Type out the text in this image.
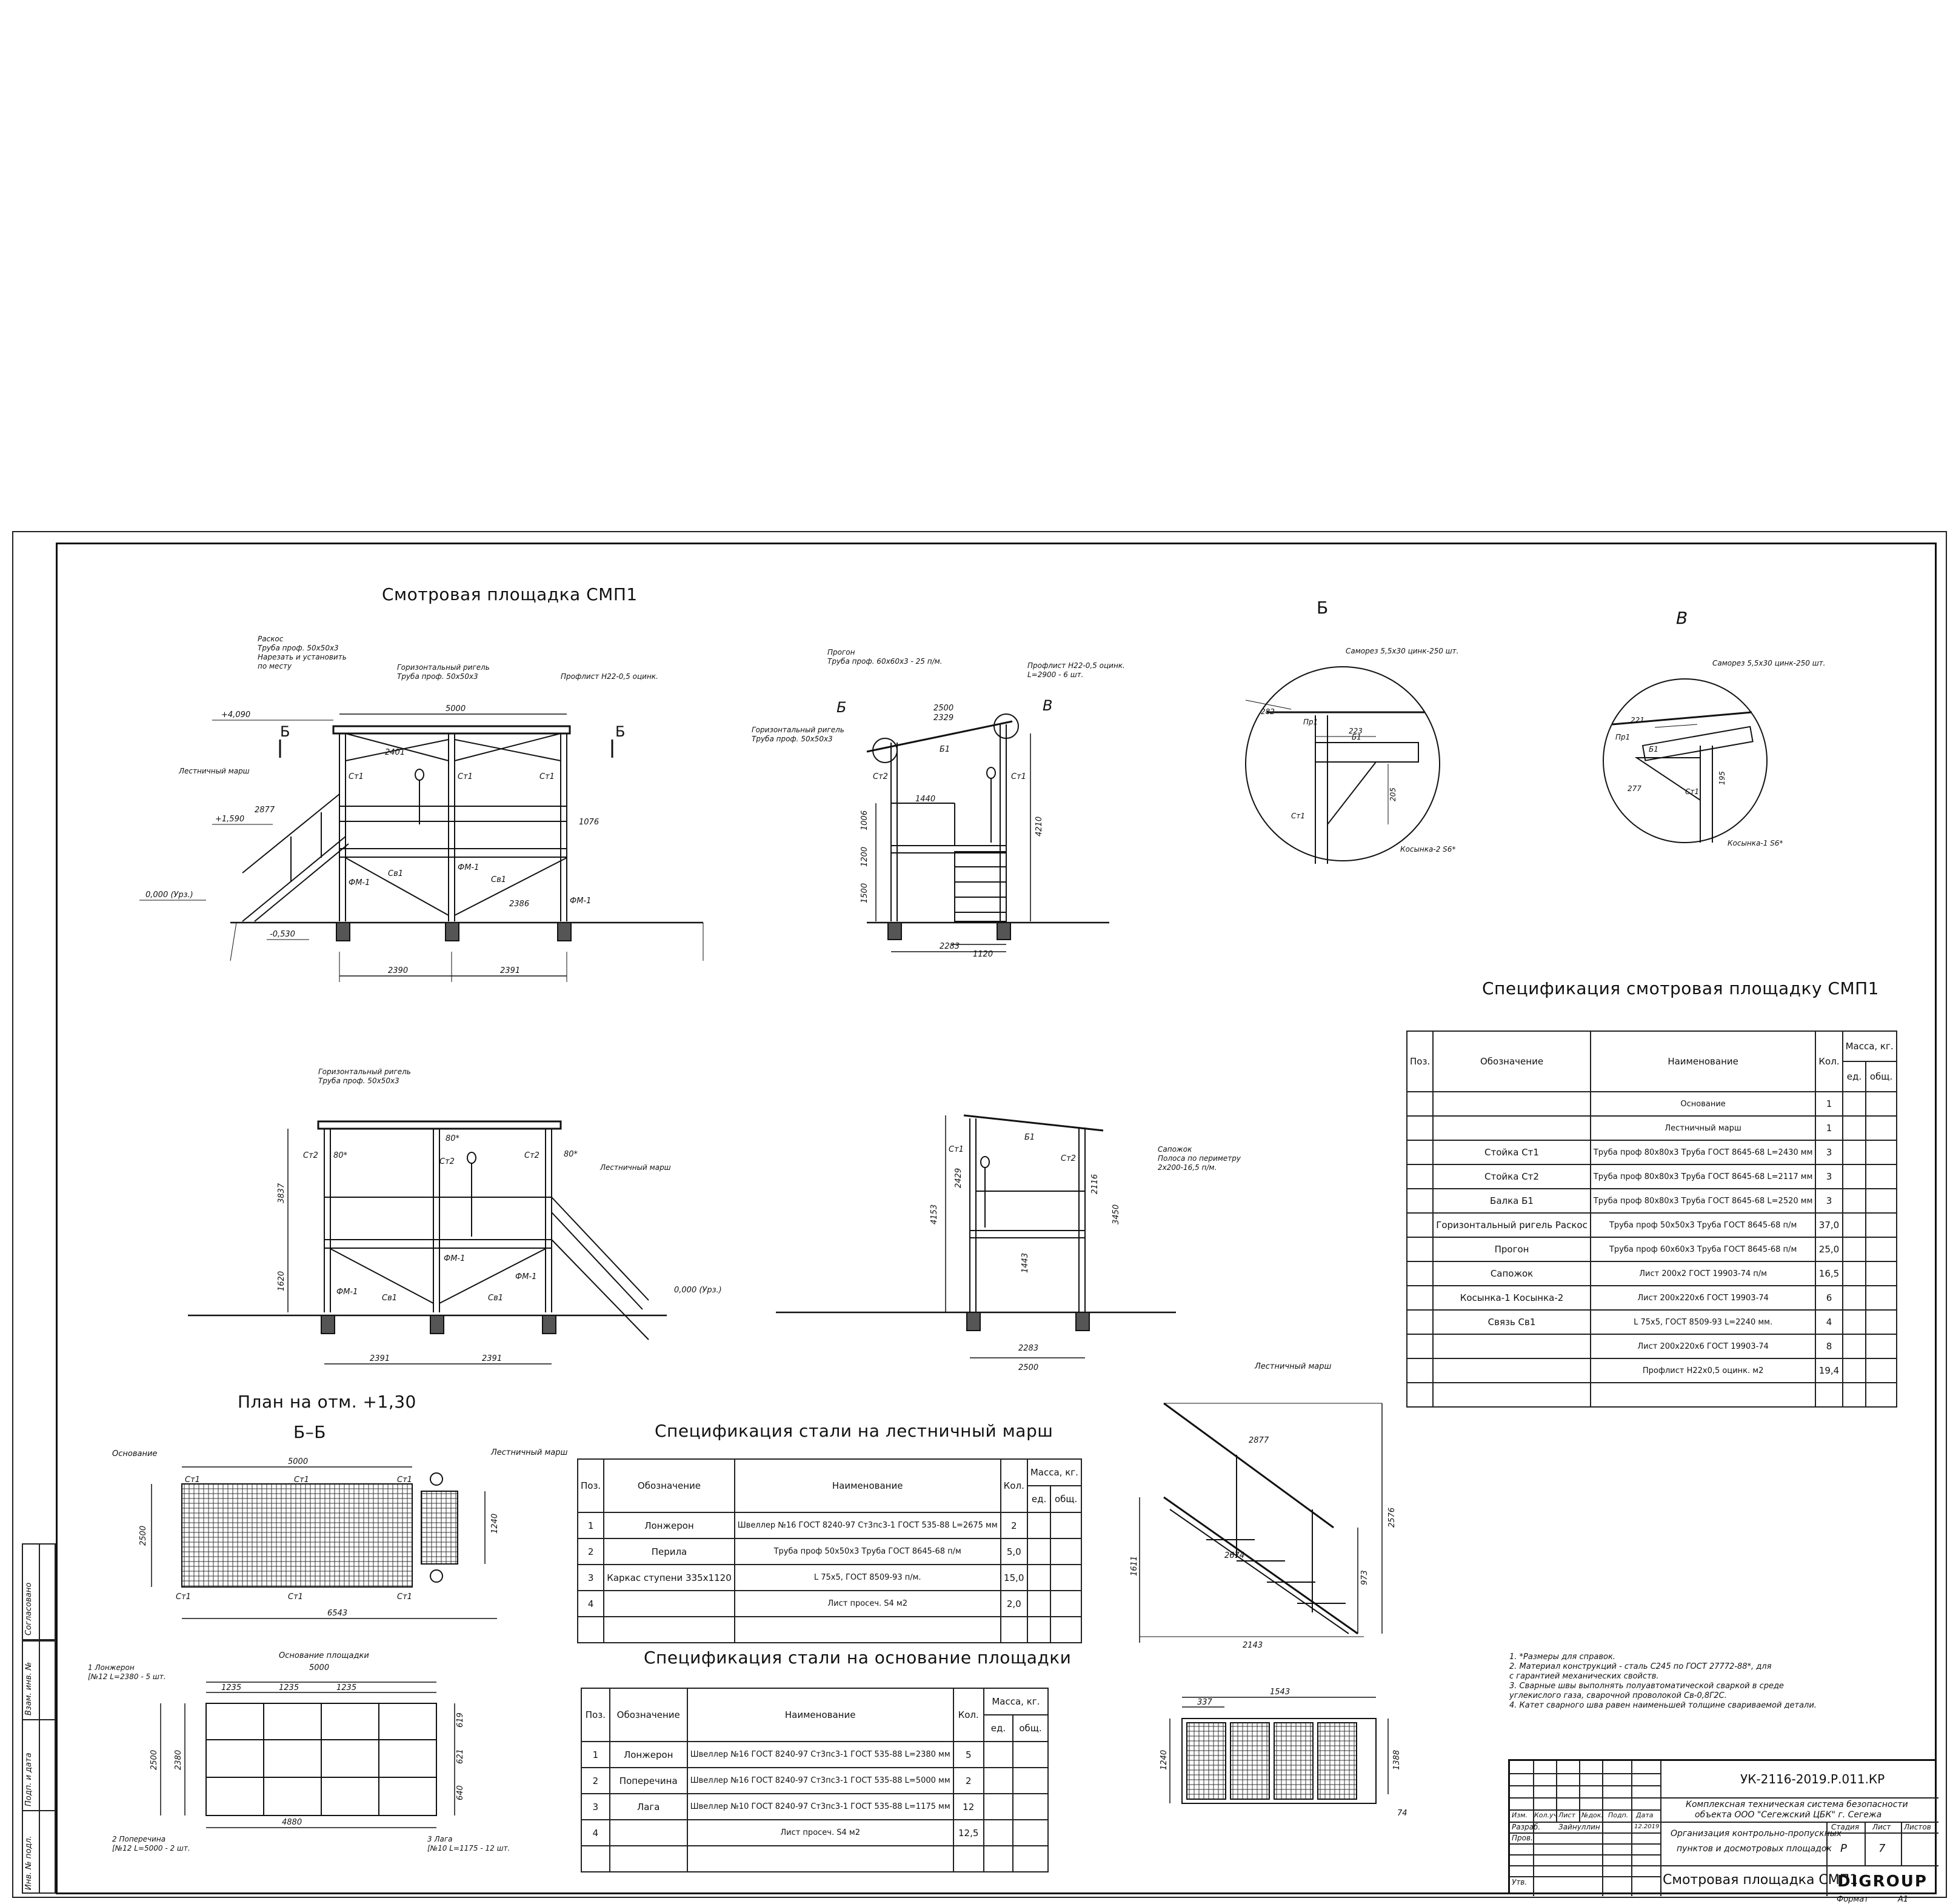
Согласовано
Взам. инв. №
Подп. и дата
Инв. № подл.
Смотровая площадка СМП1
Б
В
План на отм. +1,30
Б–Б
Спецификация смотровая площадку СМП1
Спецификация стали на лестничный марш
Спецификация стали на основание площадки
5000
2390	2391
2401
1076
2386
2877
+4,090
+1,590
0,000 (Урз.)
-0,530
Ст1	Ст1	Ст1
Св1
Св1
ФМ-1
ФМ-1
ФМ-1
Б	Б
Раскос
Труба проф. 50х50х3
Нарезать и установить
по месту	Горизонтальный ригель
Труба проф. 50х50х3	Профлист Н22-0,5 оцинк.
Лестничный марш
2500
2329
1440
1006
1200
1500
4210
2283
1120
Б1
Ст2	Ст1
Б	В
Прогон
Труба проф. 60х60х3 - 25 п/м.	Профлист Н22-0,5 оцинк.
L=2900 - 6 шт.
Горизонтальный ригель
Труба проф. 50х50х3
Саморез 5,5х30 цинк-250 шт.
Косынка-2 S6*
282
223
205
Пр1
Б1
Ст1
Саморез 5,5х30 цинк-250 шт.
Косынка-1 S6*
221
277
195
Пр1
Б1
Ст1
2391	2391
3837
1620
80*
80*
80*
Ст2
Ст2
Ст2
ФМ-1
ФМ-1
ФМ-1
Св1	Св1
0,000 (Урз.)
Горизонтальный ригель
Труба проф. 50х50х3
Лестничный марш
4153
2429
1443
3450
2116
2283
2500
Ст1
Ст2
Б1
Сапожок
Полоса по периметру
2х200-16,5 п/м.
5000
6543
2500
1240
Ст1	Ст1	Ст1
Ст1	Ст1	Ст1
Основание	Лестничный марш
Основание площадки
5000
1235	1235	1235
4880
2500 2380
619
621
640
1 Лонжерон
[№12 L=2380 - 5 шт.
2 Поперечина
[№12 L=5000 - 2 шт.
3 Лага
[№10 L=1175 - 12 шт.
Лестничный марш
2877
2576
1611
973
2674
2143
1543
337
1240	1388
74
Поз.	Обозначение	Наименование	Кол.	Масса, кг.	
				ед.	общ.
		Основание	1		
		Лестничный марш	1		
	Стойка Ст1	Труба проф 80х80х3 Труба ГОСТ 8645-68 L=2430 мм	3		
	Стойка Ст2	Труба проф 80х80х3 Труба ГОСТ 8645-68 L=2117 мм	3		
	Балка Б1	Труба проф 80х80х3 Труба ГОСТ 8645-68 L=2520 мм	3		
	Горизонтальный ригель Раскос	Труба проф 50х50х3 Труба ГОСТ 8645-68 п/м	37,0		
	Прогон	Труба проф 60х60х3 Труба ГОСТ 8645-68 п/м	25,0		
	Сапожок	Лист 200х2 ГОСТ 19903-74 п/м	16,5		
	Косынка-1 Косынка-2	Лист 200х220х6 ГОСТ 19903-74	6		
	Связь Св1	L 75х5, ГОСТ 8509-93 L=2240 мм.	4		
		Лист 200х220х6 ГОСТ 19903-74	8		
		Профлист Н22х0,5 оцинк. м2	19,4		

Поз.	Обозначение	Наименование	Кол.	Масса, кг.	
				ед.	общ.
1	Лонжерон	Швеллер №16 ГОСТ 8240-97 Ст3пс3-1 ГОСТ 535-88 L=2675 мм	2		
2	Перила	Труба проф 50х50х3 Труба ГОСТ 8645-68 п/м	5,0		
3	Каркас ступени 335х1120	L 75х5, ГОСТ 8509-93 п/м.	15,0		
4		Лист просеч. S4 м2	2,0		

Поз.	Обозначение	Наименование	Кол.	Масса, кг.	
				ед.	общ.
1	Лонжерон	Швеллер №16 ГОСТ 8240-97 Ст3пс3-1 ГОСТ 535-88 L=2380 мм	5		
2	Поперечина	Швеллер №16 ГОСТ 8240-97 Ст3пс3-1 ГОСТ 535-88 L=5000 мм	2		
3	Лага	Швеллер №10 ГОСТ 8240-97 Ст3пс3-1 ГОСТ 535-88 L=1175 мм	12		
4		Лист просеч. S4 м2	12,5		

1. *Размеры для справок.
2. Материал конструкций - сталь С245 по ГОСТ 27772-88*, для
с гарантией механических свойств.
3. Сварные швы выполнять полуавтоматической сваркой в среде
углекислого газа, сварочной проволокой Св-0,8Г2С.
4. Катет сварного шва равен наименьшей толщине свариваемой детали.
УК-2116-2019.Р.011.КР
Комплексная техническая система безопасности
объекта ООО "Сегежский ЦБК" г. Сегежа
Организация контрольно-пропускных
пунктов и досмотровых площадок
Смотровая площадка СМП1
DIGROUP
Изм. Кол.уч Лист №док. Подп. Дата
Разраб. Зайнуллин	12.2019
Пров.
Утв.
Стадия Лист Листов
Р	7
Формат	А1
